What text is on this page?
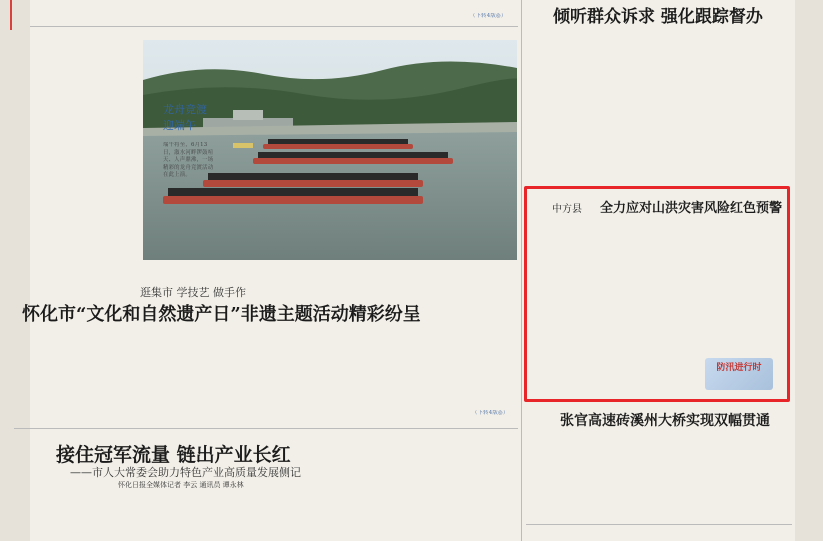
（下转4版◎）
龙舟竞渡迎端午
端午将至，6月13日，溆水河畔锣鼓喧天、人声鼎沸，一场精彩的龙舟竞渡活动在此上演。
逛集市 学技艺 做手作
怀化市“文化和自然遗产日”非遗主题活动精彩纷呈
（下转4版◎）
接住冠军流量 链出产业长红
——市人大常委会助力特色产业高质量发展侧记
怀化日报全媒体记者 李云 通讯员 谭永林
倾听群众诉求 强化跟踪督办
中方县 全力应对山洪灾害风险红色预警
防汛进行时
张官高速砖溪州大桥实现双幅贯通
